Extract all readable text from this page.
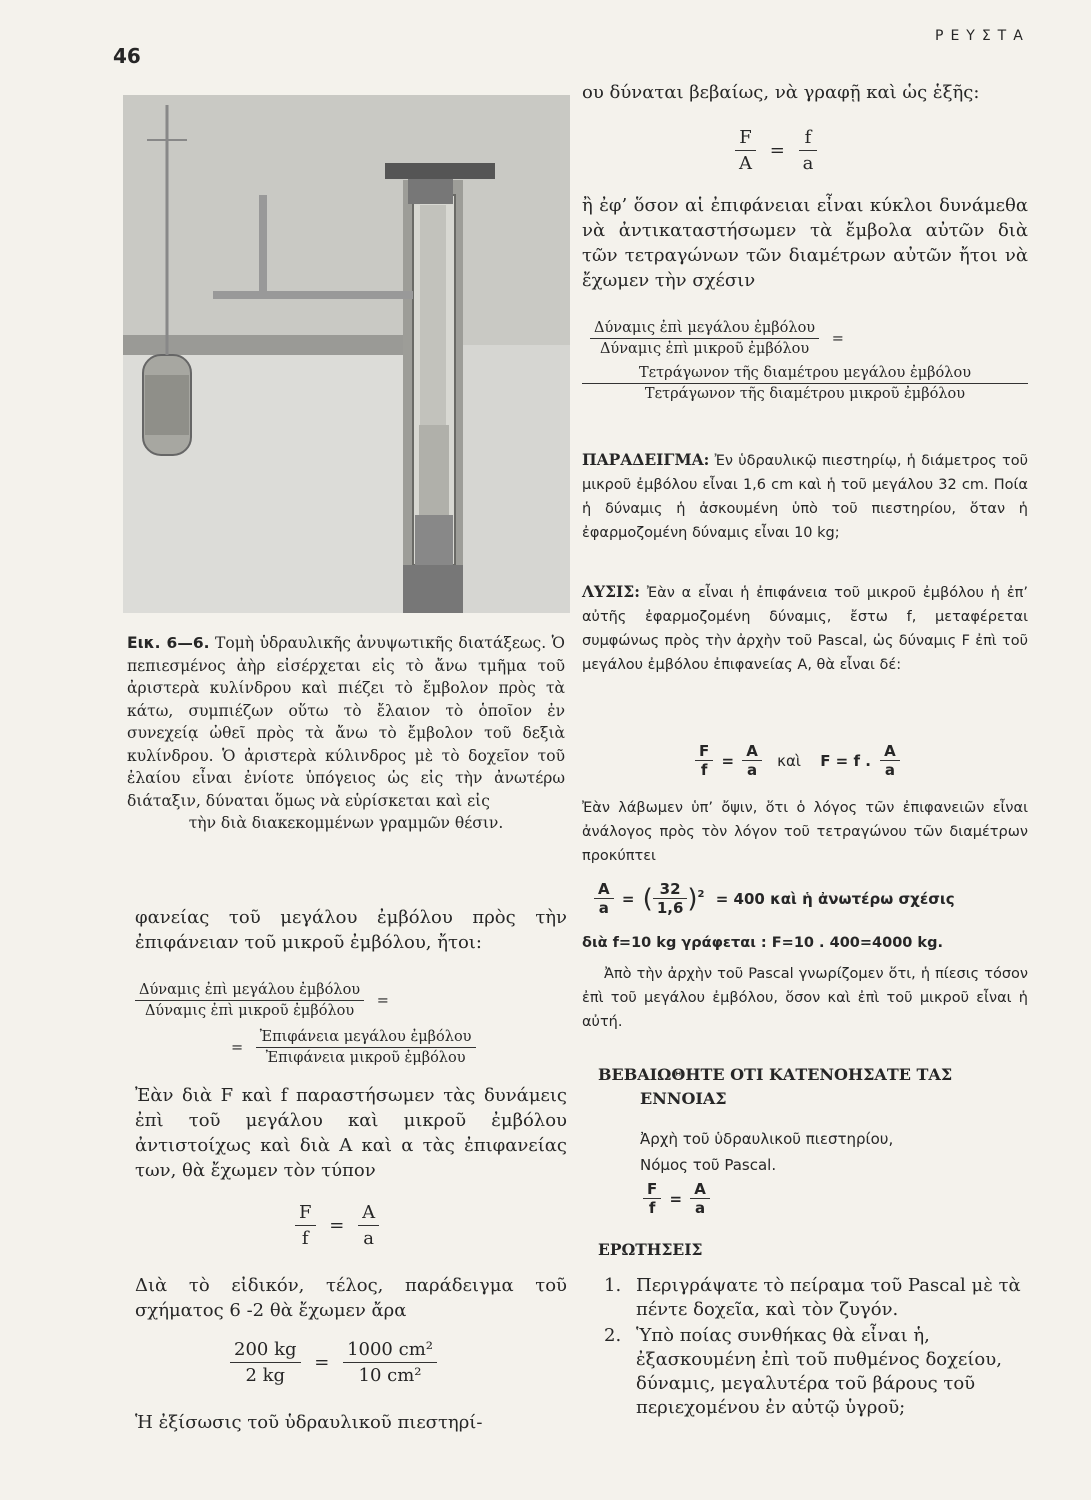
46
ΡΕΥΣΤΑ
Εικ. 6—6. Τομὴ ὑδραυλικῆς ἀνυψωτικῆς διατάξεως. Ὁ πεπιεσμένος ἀὴρ εἰσέρχεται εἰς τὸ ἄνω τμῆμα τοῦ ἀριστερὰ κυλίνδρου καὶ πιέζει τὸ ἔμβολον πρὸς τὰ κάτω, συμπιέζων οὕτω τὸ ἔλαιον τὸ ὁποῖον ἐν συνεχείᾳ ὠθεῖ πρὸς τὰ ἄνω τὸ ἔμβολον τοῦ δεξιὰ κυλίνδρου. Ὁ ἀριστερὰ κύλινδρος μὲ τὸ δοχεῖον τοῦ ἐλαίου εἶναι ἐνίοτε ὑπόγειος ὡς εἰς τὴν ἀνωτέρω διάταξιν, δύναται ὅμως νὰ εὑρίσκεται καὶ εἰς
τὴν διὰ διακεκομμένων γραμμῶν θέσιν.
φανείας τοῦ μεγάλου ἐμβόλου πρὸς τὴν ἐπιφάνειαν τοῦ μικροῦ ἐμβόλου, ἤτοι:
$\frac{\text{Δύναμις ἐπὶ μεγάλου ἐμβόλου}}{\text{Δύναμις ἐπὶ μικροῦ ἐμβόλου}}$ =
= $\frac{\text{Ἐπιφάνεια μεγάλου ἐμβόλου}}{\text{Ἐπιφάνεια μικροῦ ἐμβόλου}}$
Ἐὰν διὰ F καὶ f παραστήσωμεν τὰς δυνάμεις ἐπὶ τοῦ μεγάλου καὶ μικροῦ ἐμβόλου ἀντιστοίχως καὶ διὰ A καὶ α τὰς ἐπιφανείας των, θὰ ἔχωμεν τὸν τύπον
$\frac{F}{f} = \frac{A}{a}$
Διὰ τὸ εἰδικόν, τέλος, παράδειγμα τοῦ σχήματος 6 -2 θὰ ἔχωμεν ἄρα
$\frac{200 kg}{2 kg} = \frac{\text{1000 cm²}}{\text{10 cm²}}$
Ἡ ἐξίσωσις τοῦ ὑδραυλικοῦ πιεστηρί-
ου δύναται βεβαίως, νὰ γραφῇ καὶ ὡς ἑξῆς:
$\frac{F}{A} = \frac{f}{a}$
ἢ ἐφ’ ὅσον αἱ ἐπιφάνειαι εἶναι κύκλοι δυνάμεθα νὰ ἀντικαταστήσωμεν τὰ ἔμβολα αὐτῶν διὰ τῶν τετραγώνων τῶν διαμέτρων αὐτῶν ἤτοι νὰ ἔχωμεν τὴν σχέσιν
$\frac{\text{Δύναμις ἐπὶ μεγάλου ἐμβόλου}}{\text{Δύναμις ἐπὶ μικροῦ ἐμβόλου}}$ =
$\frac{\text{Τετράγωνον τῆς διαμέτρου μεγάλου ἐμβόλου}}{\text{Τετράγωνον τῆς διαμέτρου μικροῦ ἐμβόλου}}$
ΠΑΡΑΔΕΙΓΜΑ: Ἐν ὑδραυλικῷ πιεστηρίῳ, ἡ διάμετρος τοῦ μικροῦ ἐμβόλου εἶναι 1,6 cm καὶ ἡ τοῦ μεγάλου 32 cm. Ποία ἡ δύναμις ἡ ἀσκουμένη ὑπὸ τοῦ πιεστηρίου, ὅταν ἡ ἐφαρμοζομένη δύναμις εἶναι 10 kg;
ΛΥΣΙΣ: Ἐὰν α εἶναι ἡ ἐπιφάνεια τοῦ μικροῦ ἐμβόλου ἡ ἐπ’ αὐτῆς ἐφαρμοζομένη δύναμις, ἔστω f, μεταφέρεται συμφώνως πρὸς τὴν ἀρχὴν τοῦ Pascal, ὡς δύναμις F ἐπὶ τοῦ μεγάλου ἐμβόλου ἐπιφανείας A, θὰ εἶναι δέ:
$\frac{F}{f} = \frac{A}{a}$ καὶ F = f . $\frac{A}{a}$
Ἐὰν λάβωμεν ὑπ’ ὄψιν, ὅτι ὁ λόγος τῶν ἐπιφανειῶν εἶναι ἀνάλογος πρὸς τὸν λόγον τοῦ τετραγώνου τῶν διαμέτρων προκύπτει
$\frac{A}{a}$ = ( $\frac{32}{1,6} )^2 = 400$ καὶ ἡ ἀνωτέρω σχέσις
διὰ f=10 kg γράφεται : F=10 . 400=4000 kg.
Ἀπὸ τὴν ἀρχὴν τοῦ Pascal γνωρίζομεν ὅτι, ἡ πίεσις τόσον ἐπὶ τοῦ μεγάλου ἐμβόλου, ὅσον καὶ ἐπὶ τοῦ μικροῦ εἶναι ἡ αὐτή.
ΒΕΒΑΙΩΘΗΤΕ ΟΤΙ ΚΑΤΕΝΟΗΣΑΤΕ ΤΑΣ
ΕΝΝΟΙΑΣ
Ἀρχὴ τοῦ ὑδραυλικοῦ πιεστηρίου,
Νόμος τοῦ Pascal.
$\frac{F}{f} = \frac{A}{a}$
ΕΡΩΤΗΣΕΙΣ
1. Περιγράψατε τὸ πείραμα τοῦ Pascal μὲ τὰ πέντε δοχεῖα, καὶ τὸν ζυγόν.
2. Ὑπὸ ποίας συνθήκας θὰ εἶναι ἡ, ἐξασκουμένη ἐπὶ τοῦ πυθμένος δοχείου, δύναμις, μεγαλυτέρα τοῦ βάρους τοῦ περιεχομένου ἐν αὐτῷ ὑγροῦ;
